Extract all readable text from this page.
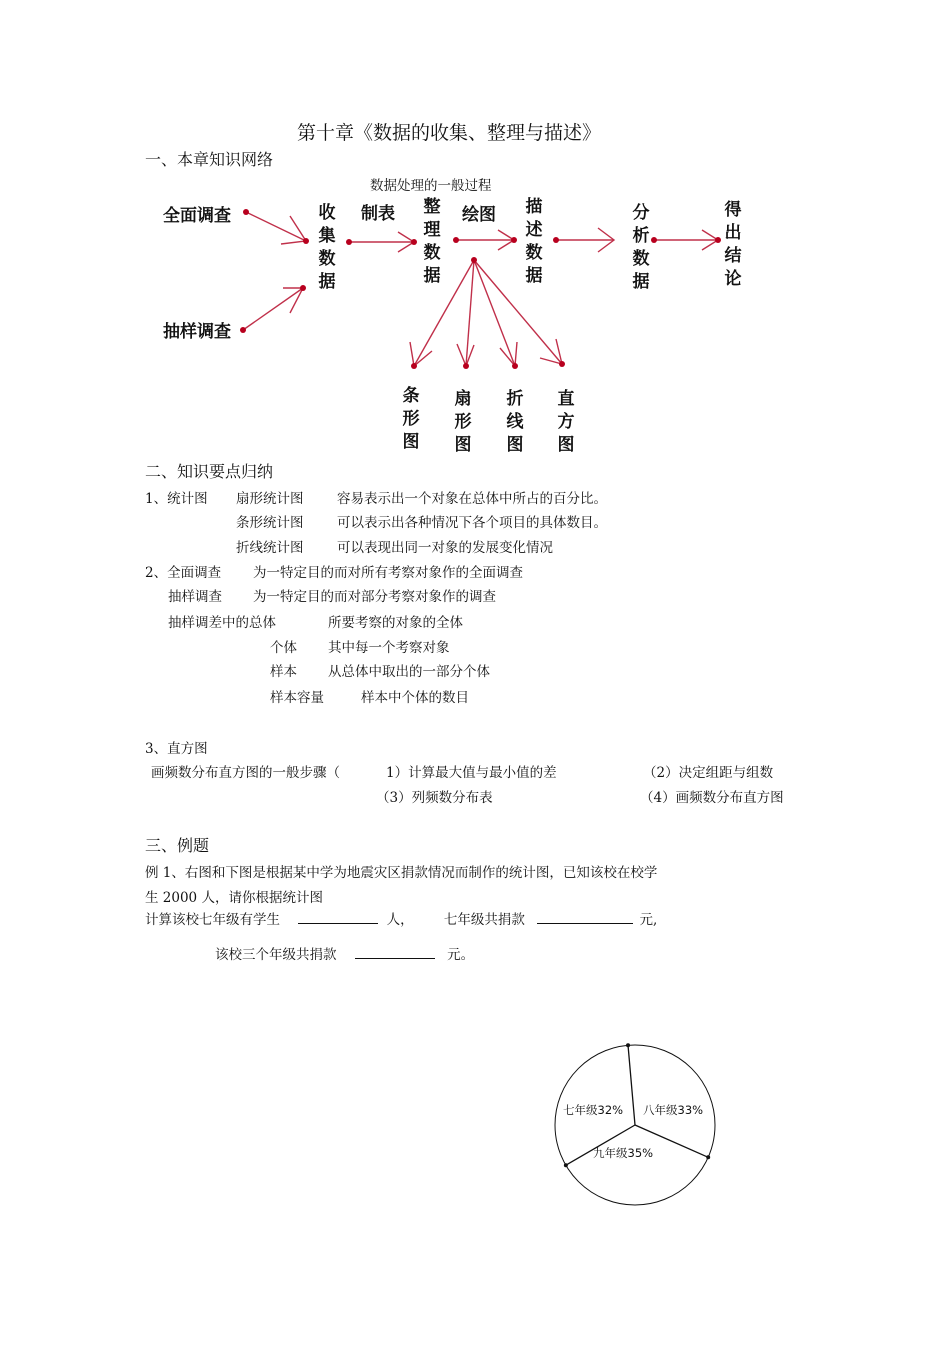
第十章《数据的收集、整理与描述》
一、本章知识网络
数据处理的一般过程
全面调查
抽样调查
收集数据
制表 整理数据
绘图 描述数据
分析数据
得出结论
条形图
扇形图
折线图
直方图
二、知识要点归纳
1、统计图 扇形统计图 容易表示出一个对象在总体中所占的百分比。
条形统计图 可以表示出各种情况下各个项目的具体数目。
折线统计图 可以表现出同一对象的发展变化情况
2、全面调查 为一特定目的而对所有考察对象作的全面调查
抽样调查 为一特定目的而对部分考察对象作的调查
抽样调差中的总体	所要考察的对象的全体
个体 其中每一个考察对象
样本 从总体中取出的一部分个体
样本容量	样本中个体的数目
3、直方图
画频数分布直方图的一般步骤（	1）计算最大值与最小值的差	（2）决定组距与组数
（3）列频数分布表	（4）画频数分布直方图
三、例题
例 1、右图和下图是根据某中学为地震灾区捐款情况而制作的统计图，已知该校在校学
生 2000 人，请你根据统计图
计算该校七年级有学生	人， 七年级共捐款	元,
该校三个年级共捐款	元。
七年级32% 八年级33%
九年级35%
